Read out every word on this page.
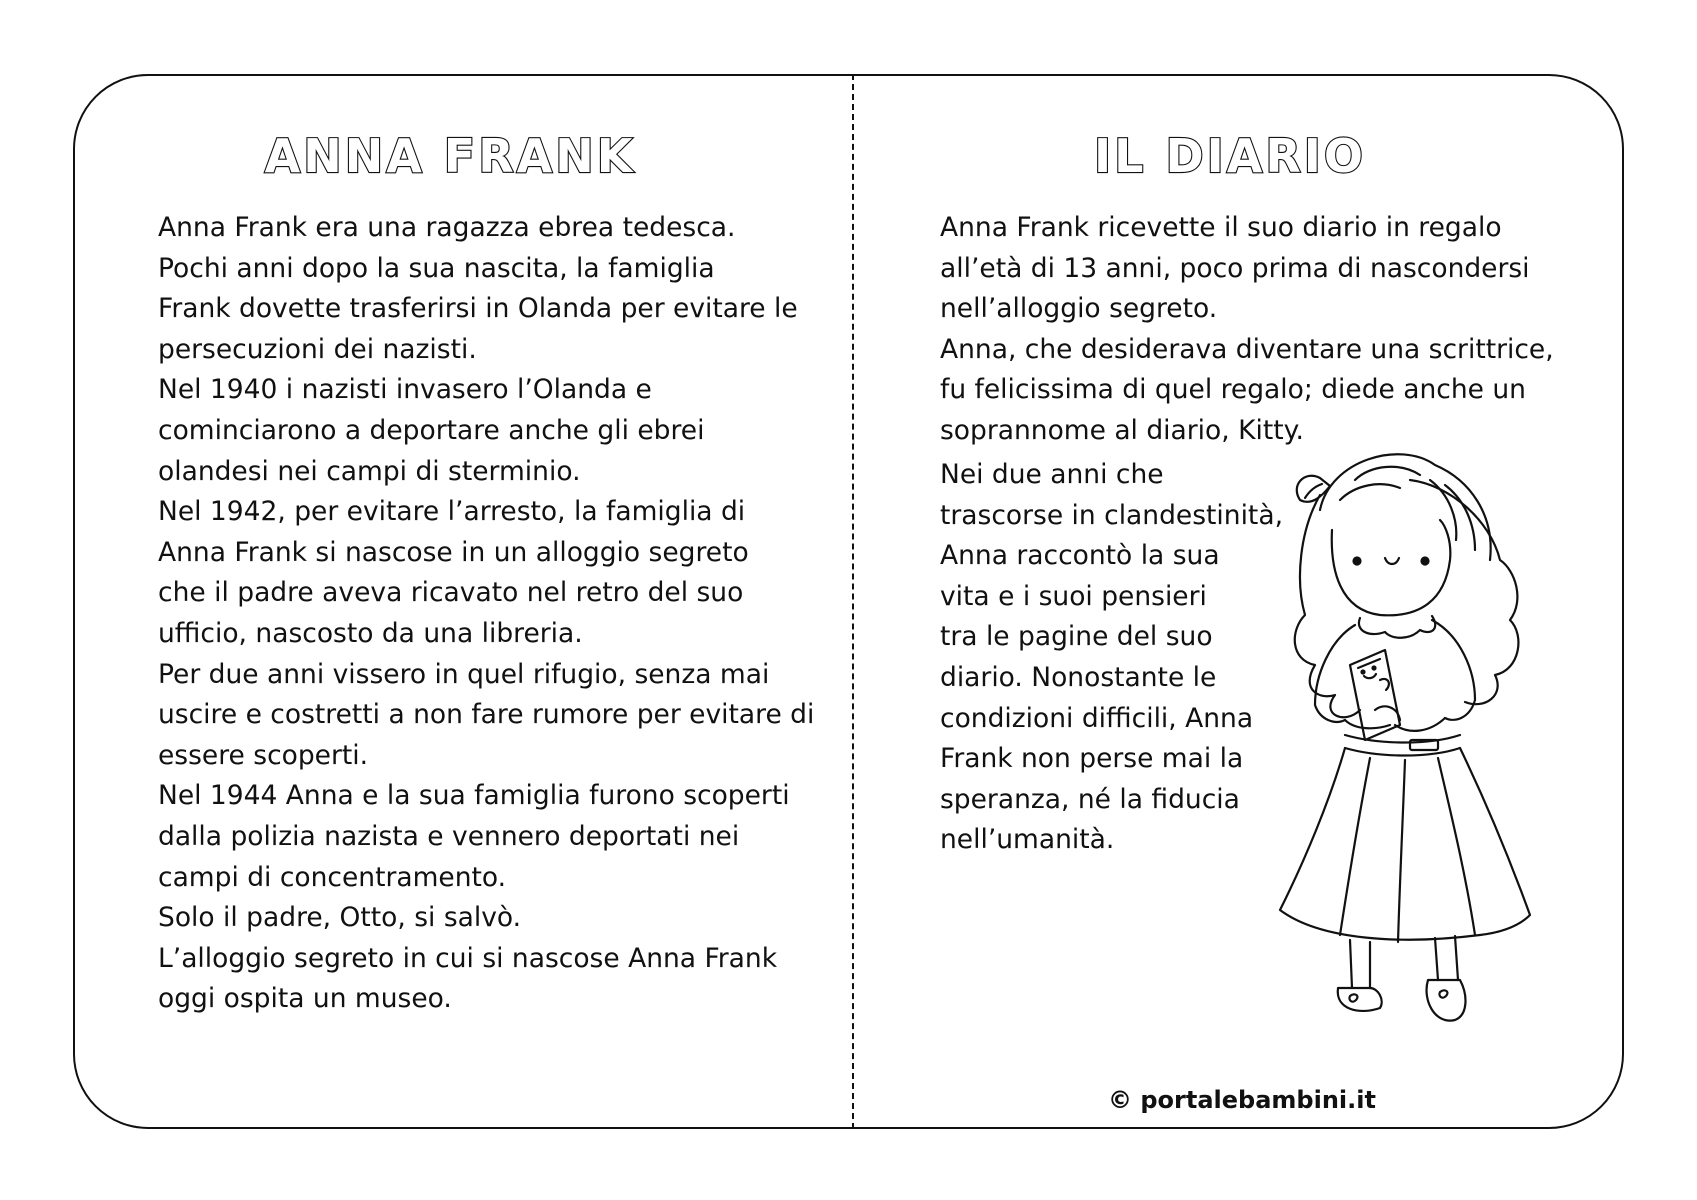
ANNA FRANK
Anna Frank era una ragazza ebrea tedesca.
Pochi anni dopo la sua nascita, la famiglia
Frank dovette trasferirsi in Olanda per evitare le
persecuzioni dei nazisti.
Nel 1940 i nazisti invasero l’Olanda e
cominciarono a deportare anche gli ebrei
olandesi nei campi di sterminio.
Nel 1942, per evitare l’arresto, la famiglia di
Anna Frank si nascose in un alloggio segreto
che il padre aveva ricavato nel retro del suo
ufficio, nascosto da una libreria.
Per due anni vissero in quel rifugio, senza mai
uscire e costretti a non fare rumore per evitare di
essere scoperti.
Nel 1944 Anna e la sua famiglia furono scoperti
dalla polizia nazista e vennero deportati nei
campi di concentramento.
Solo il padre, Otto, si salvò.
L’alloggio segreto in cui si nascose Anna Frank
oggi ospita un museo.
IL DIARIO
Anna Frank ricevette il suo diario in regalo
all’età di 13 anni, poco prima di nascondersi
nell’alloggio segreto.
Anna, che desiderava diventare una scrittrice,
fu felicissima di quel regalo; diede anche un
soprannome al diario, Kitty.
Nei due anni che
trascorse in clandestinità,
Anna raccontò la sua
vita e i suoi pensieri
tra le pagine del suo
diario. Nonostante le
condizioni difficili, Anna
Frank non perse mai la
speranza, né la fiducia
nell’umanità.
© portalebambini.it
